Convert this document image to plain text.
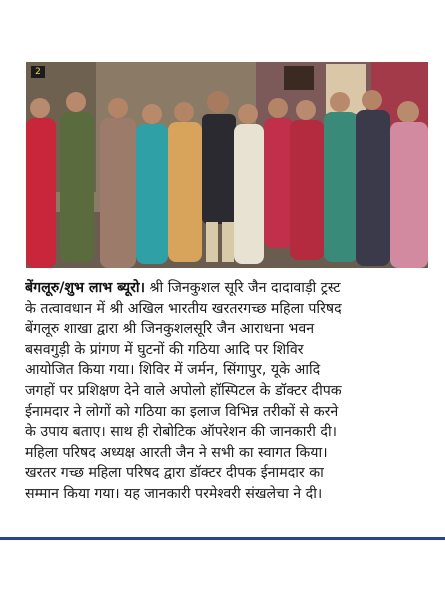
2
बेंगलूरु/शुभ लाभ ब्यूरो। श्री जिनकुशल सूरि जैन दादावाड़ी ट्रस्ट
के तत्वावधान में श्री अखिल भारतीय खरतरगच्छ महिला परिषद
बेंगलूरु शाखा द्वारा श्री जिनकुशलसूरि जैन आराधना भवन
बसवगुड़ी के प्रांगण में घुटनों की गठिया आदि पर शिविर
आयोजित किया गया। शिविर में जर्मन, सिंगापुर, यूके आदि
जगहों पर प्रशिक्षण देने वाले अपोलो हॉस्पिटल के डॉक्टर दीपक
ईनामदार ने लोगों को गठिया का इलाज विभिन्न तरीकों से करने
के उपाय बताए। साथ ही रोबोटिक ऑपरेशन की जानकारी दी।
महिला परिषद अध्यक्ष आरती जैन ने सभी का स्वागत किया।
खरतर गच्छ महिला परिषद द्वारा डॉक्टर दीपक ईनामदार का
सम्मान किया गया। यह जानकारी परमेश्वरी संखलेचा ने दी।
